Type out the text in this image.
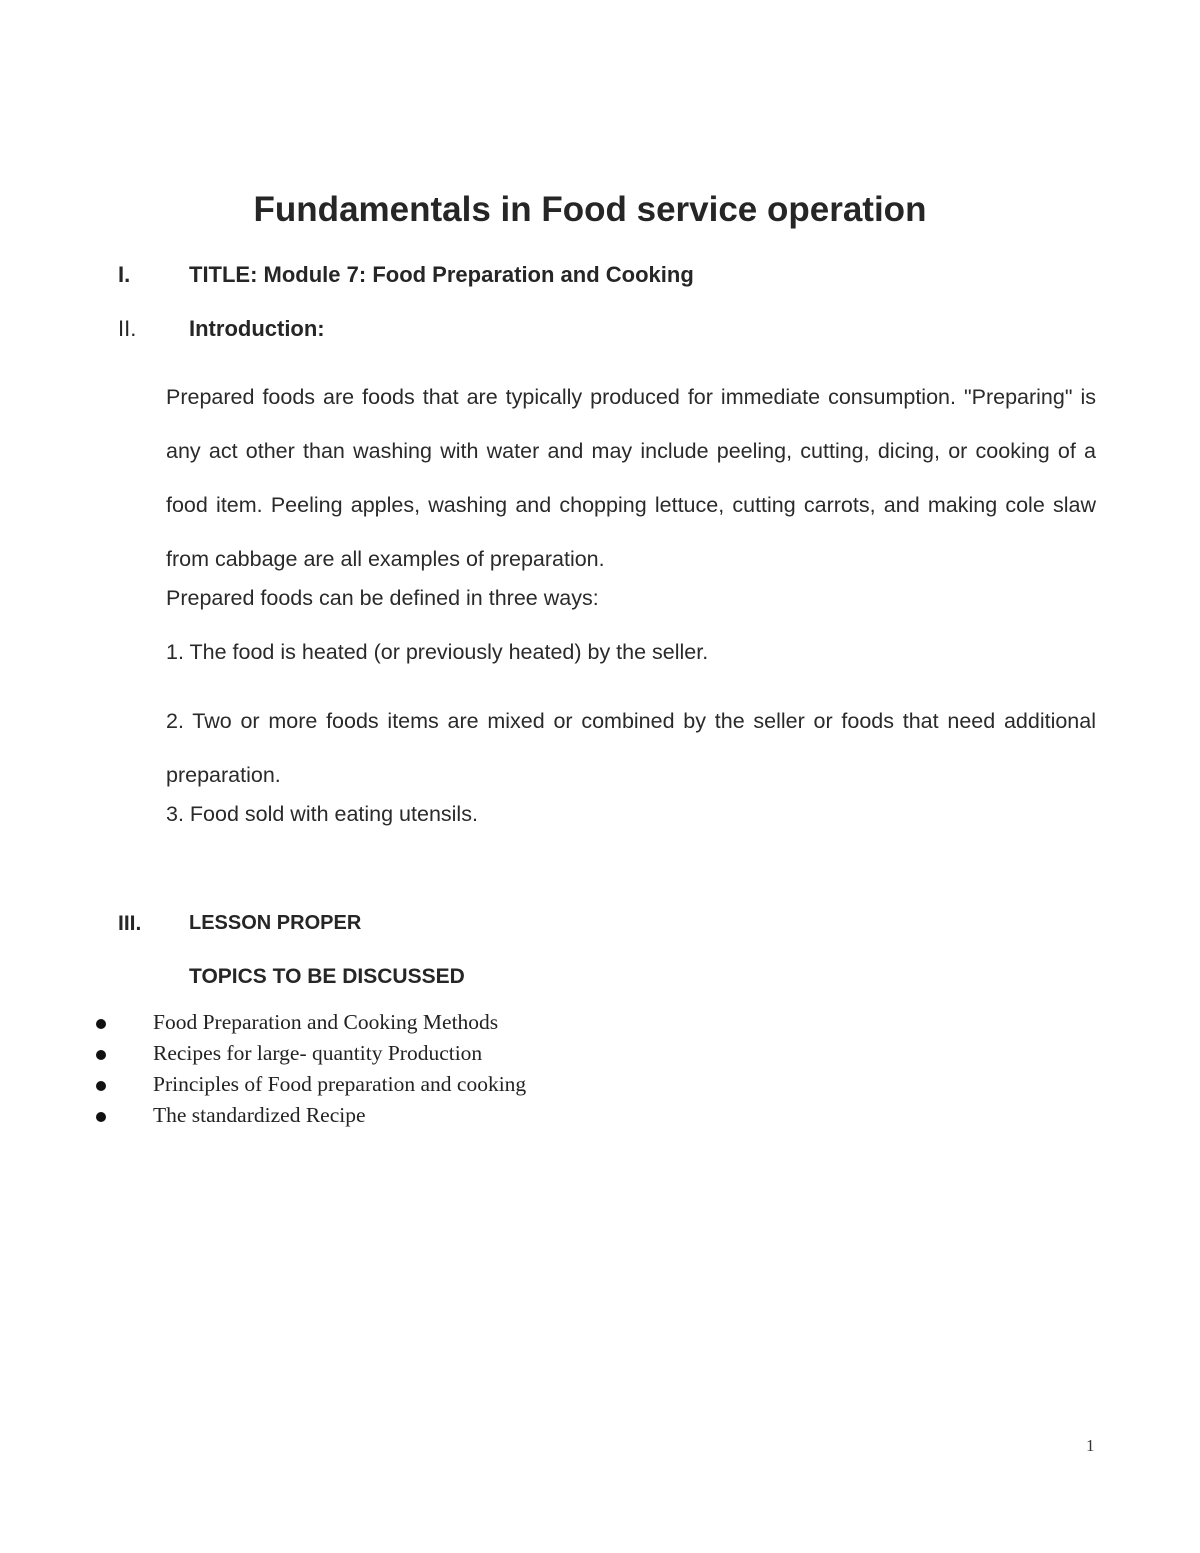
Fundamentals in Food service operation
I.	TITLE: Module 7: Food Preparation and Cooking
II. Introduction:
Prepared foods are foods that are typically produced for immediate consumption. "Preparing" is any act other than washing with water and may include peeling, cutting, dicing, or cooking of a food item. Peeling apples, washing and chopping lettuce, cutting carrots, and making cole slaw from cabbage are all examples of preparation.
Prepared foods can be defined in three ways:
1. The food is heated (or previously heated) by the seller.
2. Two or more foods items are mixed or combined by the seller or foods that need additional preparation.
3. Food sold with eating utensils.
III. LESSON PROPER
TOPICS TO BE DISCUSSED
Food Preparation and Cooking Methods
Recipes for large- quantity Production
Principles of Food preparation and cooking
The standardized Recipe
1
